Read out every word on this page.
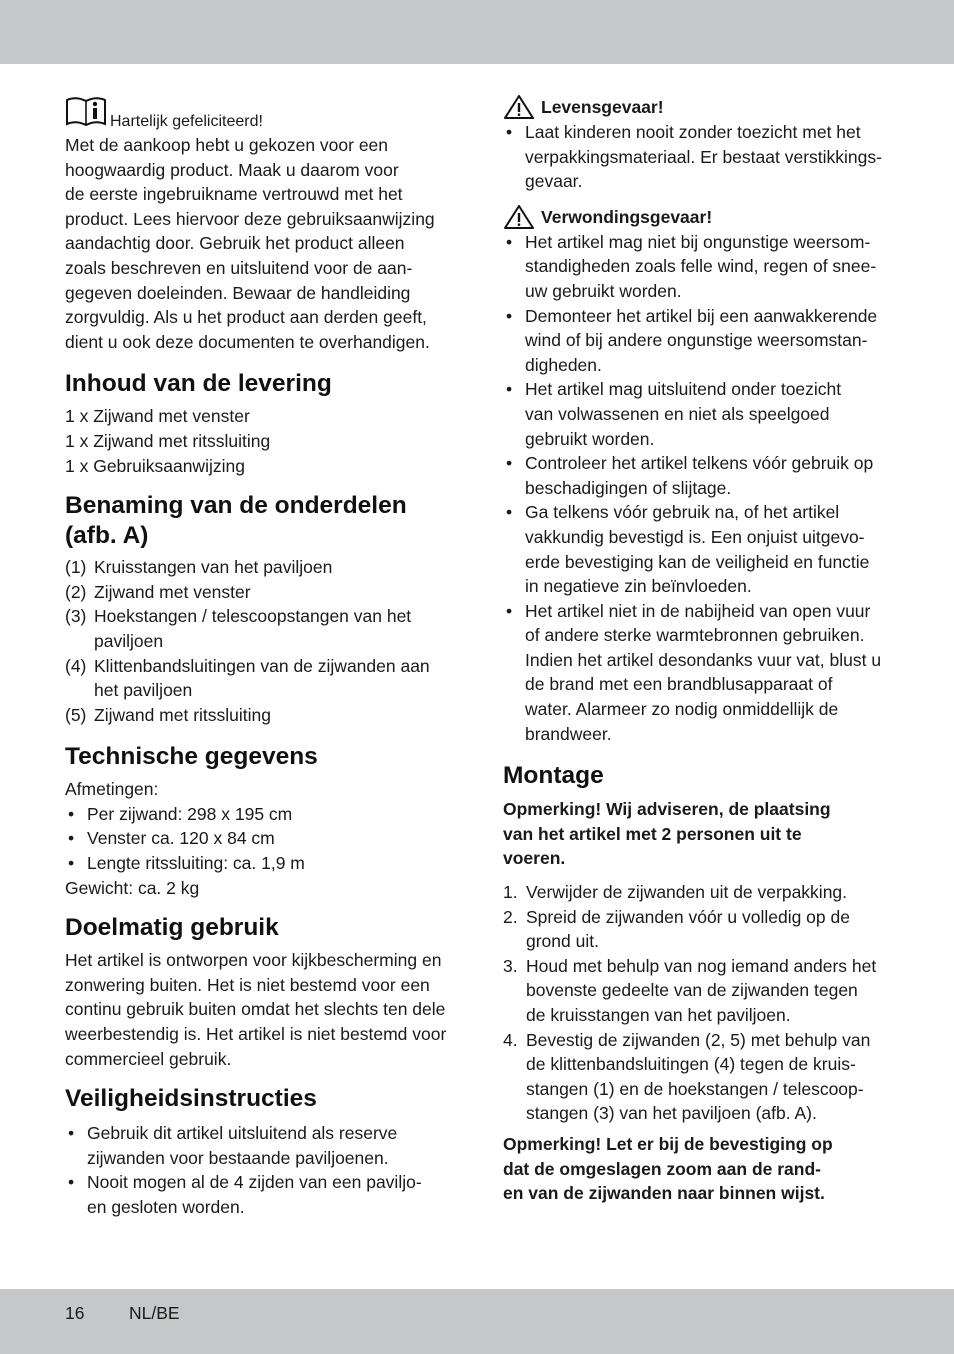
Hartelijk gefeliciteerd!

Met de aankoop hebt u gekozen voor een

hoogwaardig product. Maak u daarom voor

de eerste ingebruikname vertrouwd met het

product. Lees hiervoor deze gebruiksaanwijzing

aandachtig door. Gebruik het product alleen

zoals beschreven en uitsluitend voor de aan-

gegeven doeleinden. Bewaar de handleiding

zorgvuldig. Als u het product aan derden geeft,

dient u ook deze documenten te overhandigen.

Inhoud van de levering

1 x Zijwand met venster

1 x Zijwand met ritssluiting

1 x Gebruiksaanwijzing

Benaming van de onderdelen
(afb. A)
(1) Kruisstangen van het paviljoen
(2) Zijwand met venster
(3) Hoekstangen / telescoopstangen van het
paviljoen
(4) Klittenbandsluitingen van de zijwanden aan
het paviljoen
(5) Zijwand met ritssluiting
Technische gegevens

Afmetingen:

• Per zijwand: 298 x 195 cm
• Venster ca. 120 x 84 cm
• Lengte ritssluiting: ca. 1,9 m

Gewicht: ca. 2 kg

Doelmatig gebruik

Het artikel is ontworpen voor kijkbescherming en

zonwering buiten. Het is niet bestemd voor een

continu gebruik buiten omdat het slechts ten dele

weerbestendig is. Het artikel is niet bestemd voor

commercieel gebruik.

Veiligheidsinstructies
• Gebruik dit artikel uitsluitend als reserve
zijwanden voor bestaande paviljoenen.
• Nooit mogen al de 4 zijden van een paviljo-
en gesloten worden.
Levensgevaar!
• Laat kinderen nooit zonder toezicht met het
verpakkingsmateriaal. Er bestaat verstikkings-
gevaar.
Verwondingsgevaar!
• Het artikel mag niet bij ongunstige weersom-
standigheden zoals felle wind, regen of snee-
uw gebruikt worden.
• Demonteer het artikel bij een aanwakkerende
wind of bij andere ongunstige weersomstan-
digheden.
• Het artikel mag uitsluitend onder toezicht
van volwassenen en niet als speelgoed
gebruikt worden.
• Controleer het artikel telkens vóór gebruik op
beschadigingen of slijtage.
• Ga telkens vóór gebruik na, of het artikel
vakkundig bevestigd is. Een onjuist uitgevo-
erde bevestiging kan de veiligheid en functie
in negatieve zin beïnvloeden.
• Het artikel niet in de nabijheid van open vuur
of andere sterke warmtebronnen gebruiken.
Indien het artikel desondanks vuur vat, blust u
de brand met een brandblusapparaat of
water. Alarmeer zo nodig onmiddellijk de
brandweer.
Montage

Opmerking! Wij adviseren, de plaatsing

van het artikel met 2 personen uit te

voeren.

1. Verwijder de zijwanden uit de verpakking.
2. Spreid de zijwanden vóór u volledig op de
grond uit.
3. Houd met behulp van nog iemand anders het
bovenste gedeelte van de zijwanden tegen
de kruisstangen van het paviljoen.
4. Bevestig de zijwanden (2, 5) met behulp van
de klittenbandsluitingen (4) tegen de kruis-
stangen (1) en de hoekstangen / telescoop-
stangen (3) van het paviljoen (afb. A).

Opmerking! Let er bij de bevestiging op

dat de omgeslagen zoom aan de rand-

en van de zijwanden naar binnen wijst.

16	NL/BE
